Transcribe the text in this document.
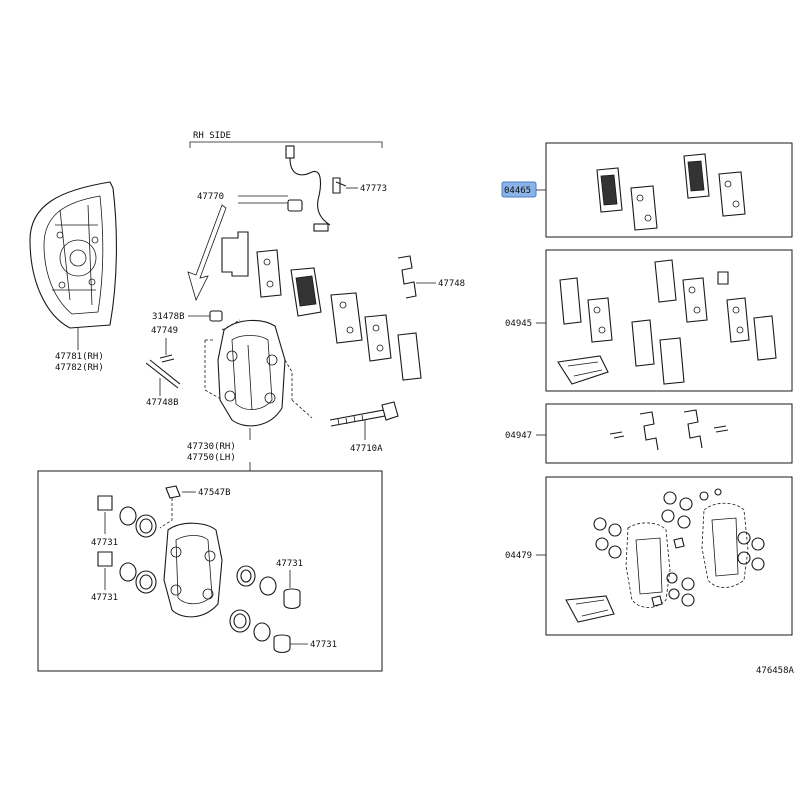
RH SIDE
47781(RH)
47782(RH)
47770
47773
47748
31478B
47749
47748B
47730(RH)
47750(LH)
47710A
47547B
47731
47731
47731
47731
04465
04945
04947
04479
476458A
